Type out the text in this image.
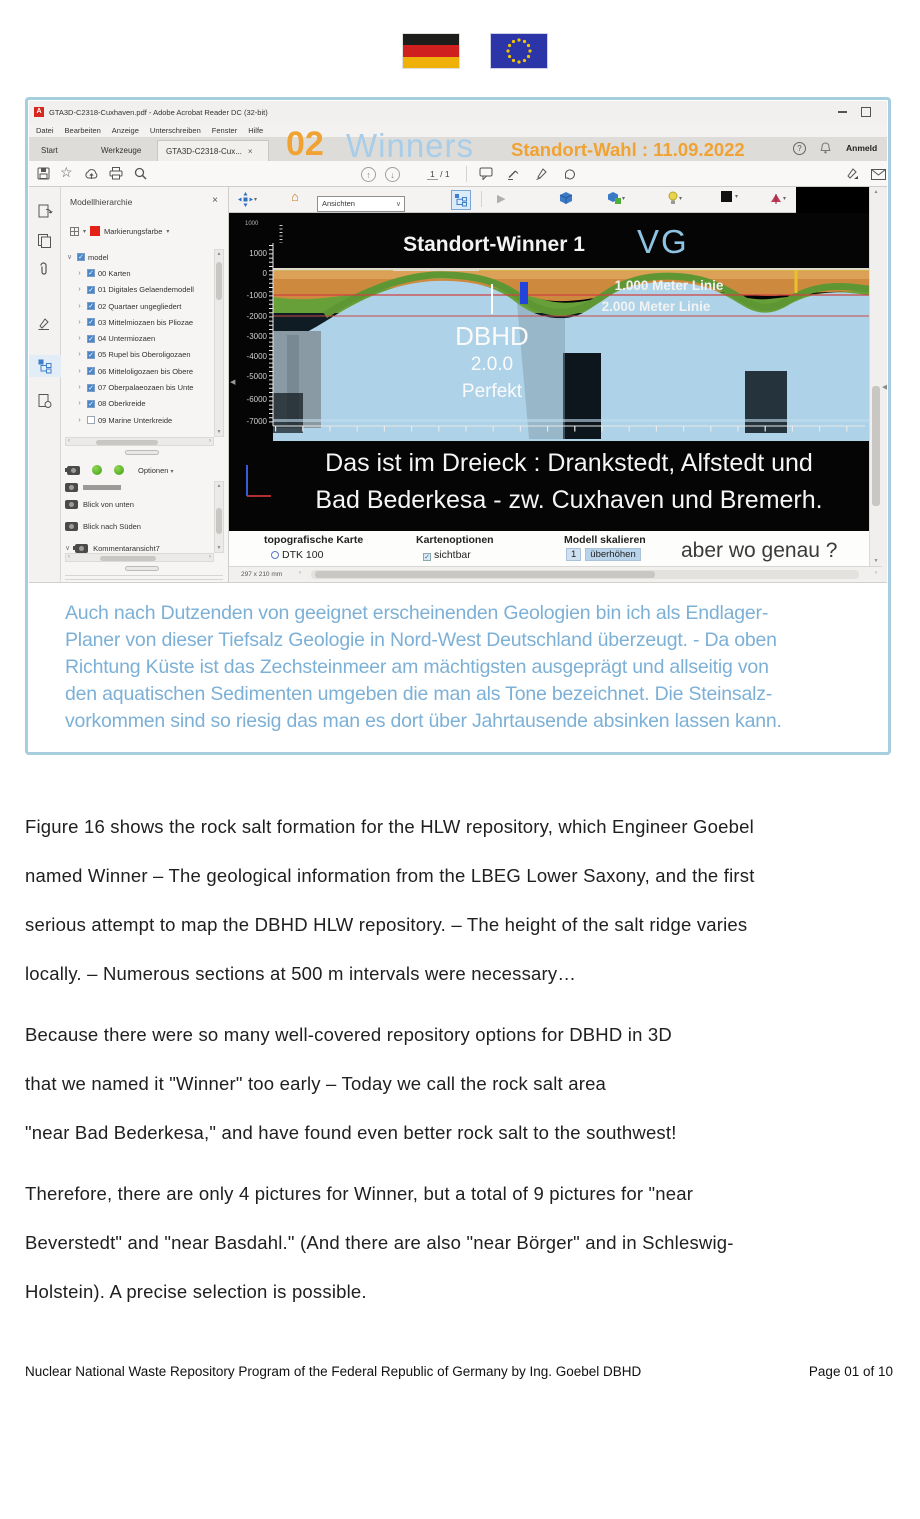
A GTA3D-C2318-Cuxhaven.pdf - Adobe Acrobat Reader DC (32-bit)
Datei Bearbeiten Anzeige Unterschreiben Fenster Hilfe
Start	Werkzeuge	GTA3D-C2318-Cux... × 02 Winners Standort-Wahl : 11.09.2022	?	Anmeld
☆	↑	↓	1 / 1
Modellhierarchie	×
▾ Markierungsfarbe ▾
∨ ✓ model
›	✓ 00 Karten
›	✓ 01 Digitales Gelaendemodell
›	✓ 02 Quartaer ungegliedert
›	✓ 03 Mittelmiozaen bis Pliozae
›	✓ 04 Untermiozaen
›	✓ 05 Rupel bis Oberoligozaen
›	✓ 06 Mitteloligozaen bis Obere
›	✓ 07 Oberpalaeozaen bis Unte
›	✓ 08 Oberkreide
›	09 Marine Unterkreide
▲
▼
‹	›
Optionen ▾
Blick von unten
Blick nach Süden
∨	Kommentaransicht7
▲
▼
‹	›
▾	⌂	Ansichten	∨	▶	▾	▾	▾	▾
1000
1000
0
-1000
-2000
-3000
-4000
-5000
-6000
-7000
Standort-Winner 1	VG
1.000 Meter Linie
2.000 Meter Linie
DBHD
2.0.0
Perfekt
Das ist im Dreieck : Drankstedt, Alfstedt und
Bad Bederkesa - zw. Cuxhaven und Bremerh.
◀
topografische Karte
DTK 100
Kartenoptionen
✓ sichtbar
Modell skalieren
1 überhöhen aber wo genau ?
297 x 210 mm	‹	›
▲
▼
◀
Auch nach Dutzenden von geeignet erscheinenden Geologien bin ich als Endlager-
Planer von dieser Tiefsalz Geologie in Nord-West Deutschland überzeugt. - Da oben
Richtung Küste ist das Zechsteinmeer am mächtigsten ausgeprägt und allseitig von
den aquatischen Sedimenten umgeben die man als Tone bezeichnet. Die Steinsalz-
vorkommen sind so riesig das man es dort über Jahrtausende absinken lassen kann.
Figure 16 shows the rock salt formation for the HLW repository, which Engineer Goebel
named Winner – The geological information from the LBEG Lower Saxony, and the first
serious attempt to map the DBHD HLW repository. – The height of the salt ridge varies
locally. – Numerous sections at 500 m intervals were necessary…
Because there were so many well-covered repository options for DBHD in 3D
that we named it "Winner" too early – Today we call the rock salt area
"near Bad Bederkesa," and have found even better rock salt to the southwest!
Therefore, there are only 4 pictures for Winner, but a total of 9 pictures for "near
Beverstedt" and "near Basdahl." (And there are also "near Börger" and in Schleswig-
Holstein). A precise selection is possible.
Nuclear National Waste Repository Program of the Federal Republic of Germany by Ing. Goebel DBHD	Page 01 of 10
